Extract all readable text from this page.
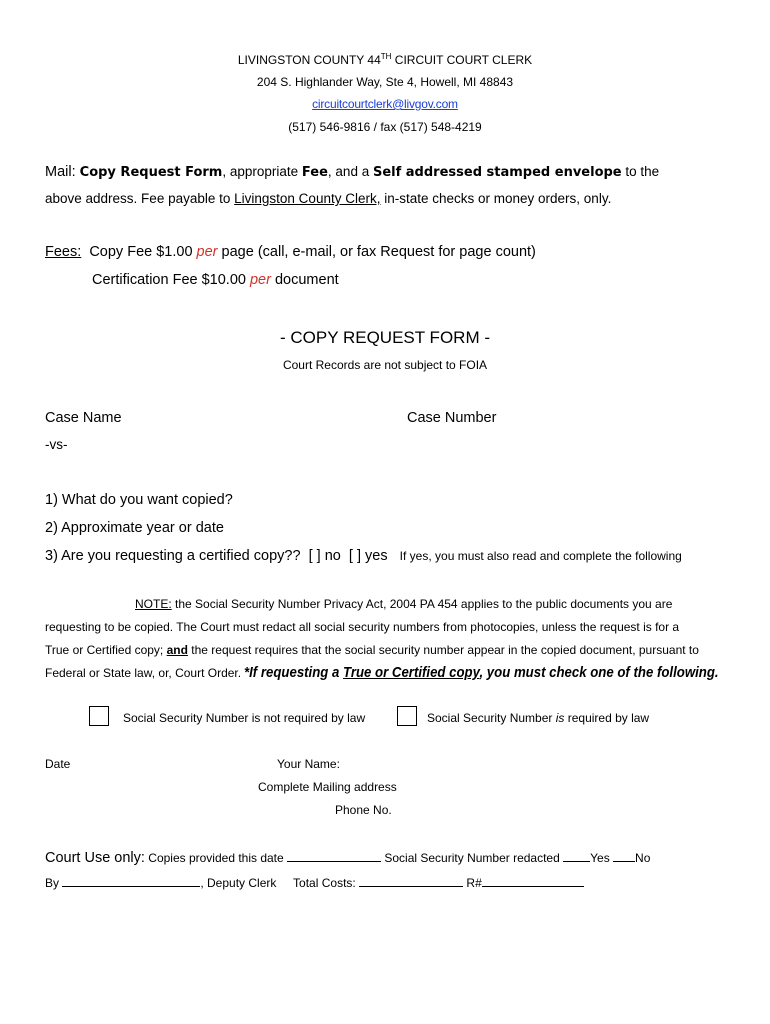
LIVINGSTON COUNTY 44TH CIRCUIT COURT CLERK
204 S. Highlander Way, Ste 4, Howell, MI 48843
circuitcourtclerk@livgov.com
(517) 546-9816 / fax (517) 548-4219
Mail: Copy Request Form, appropriate Fee, and a Self addressed stamped envelope to the
above address. Fee payable to Livingston County Clerk, in-state checks or money orders, only.
Fees: Copy Fee $1.00 per page (call, e-mail, or fax Request for page count)
Certification Fee $10.00 per document
- COPY REQUEST FORM -
Court Records are not subject to FOIA
Case Name	Case Number
-vs-
1) What do you want copied?
2) Approximate year or date
3) Are you requesting a certified copy?? [ ] no [ ] yes If yes, you must also read and complete the following
NOTE: the Social Security Number Privacy Act, 2004 PA 454 applies to the public documents you are
requesting to be copied. The Court must redact all social security numbers from photocopies, unless the request is for a
True or Certified copy; and the request requires that the social security number appear in the copied document, pursuant to
Federal or State law, or, Court Order. *If requesting a True or Certified copy, you must check one of the following.
Social Security Number is not required by law	Social Security Number is required by law
Date	Your Name:
Complete Mailing address
Phone No.
Court Use only: Copies provided this date	Social Security Number redacted Yes No
By	, Deputy Clerk Total Costs:	R#
